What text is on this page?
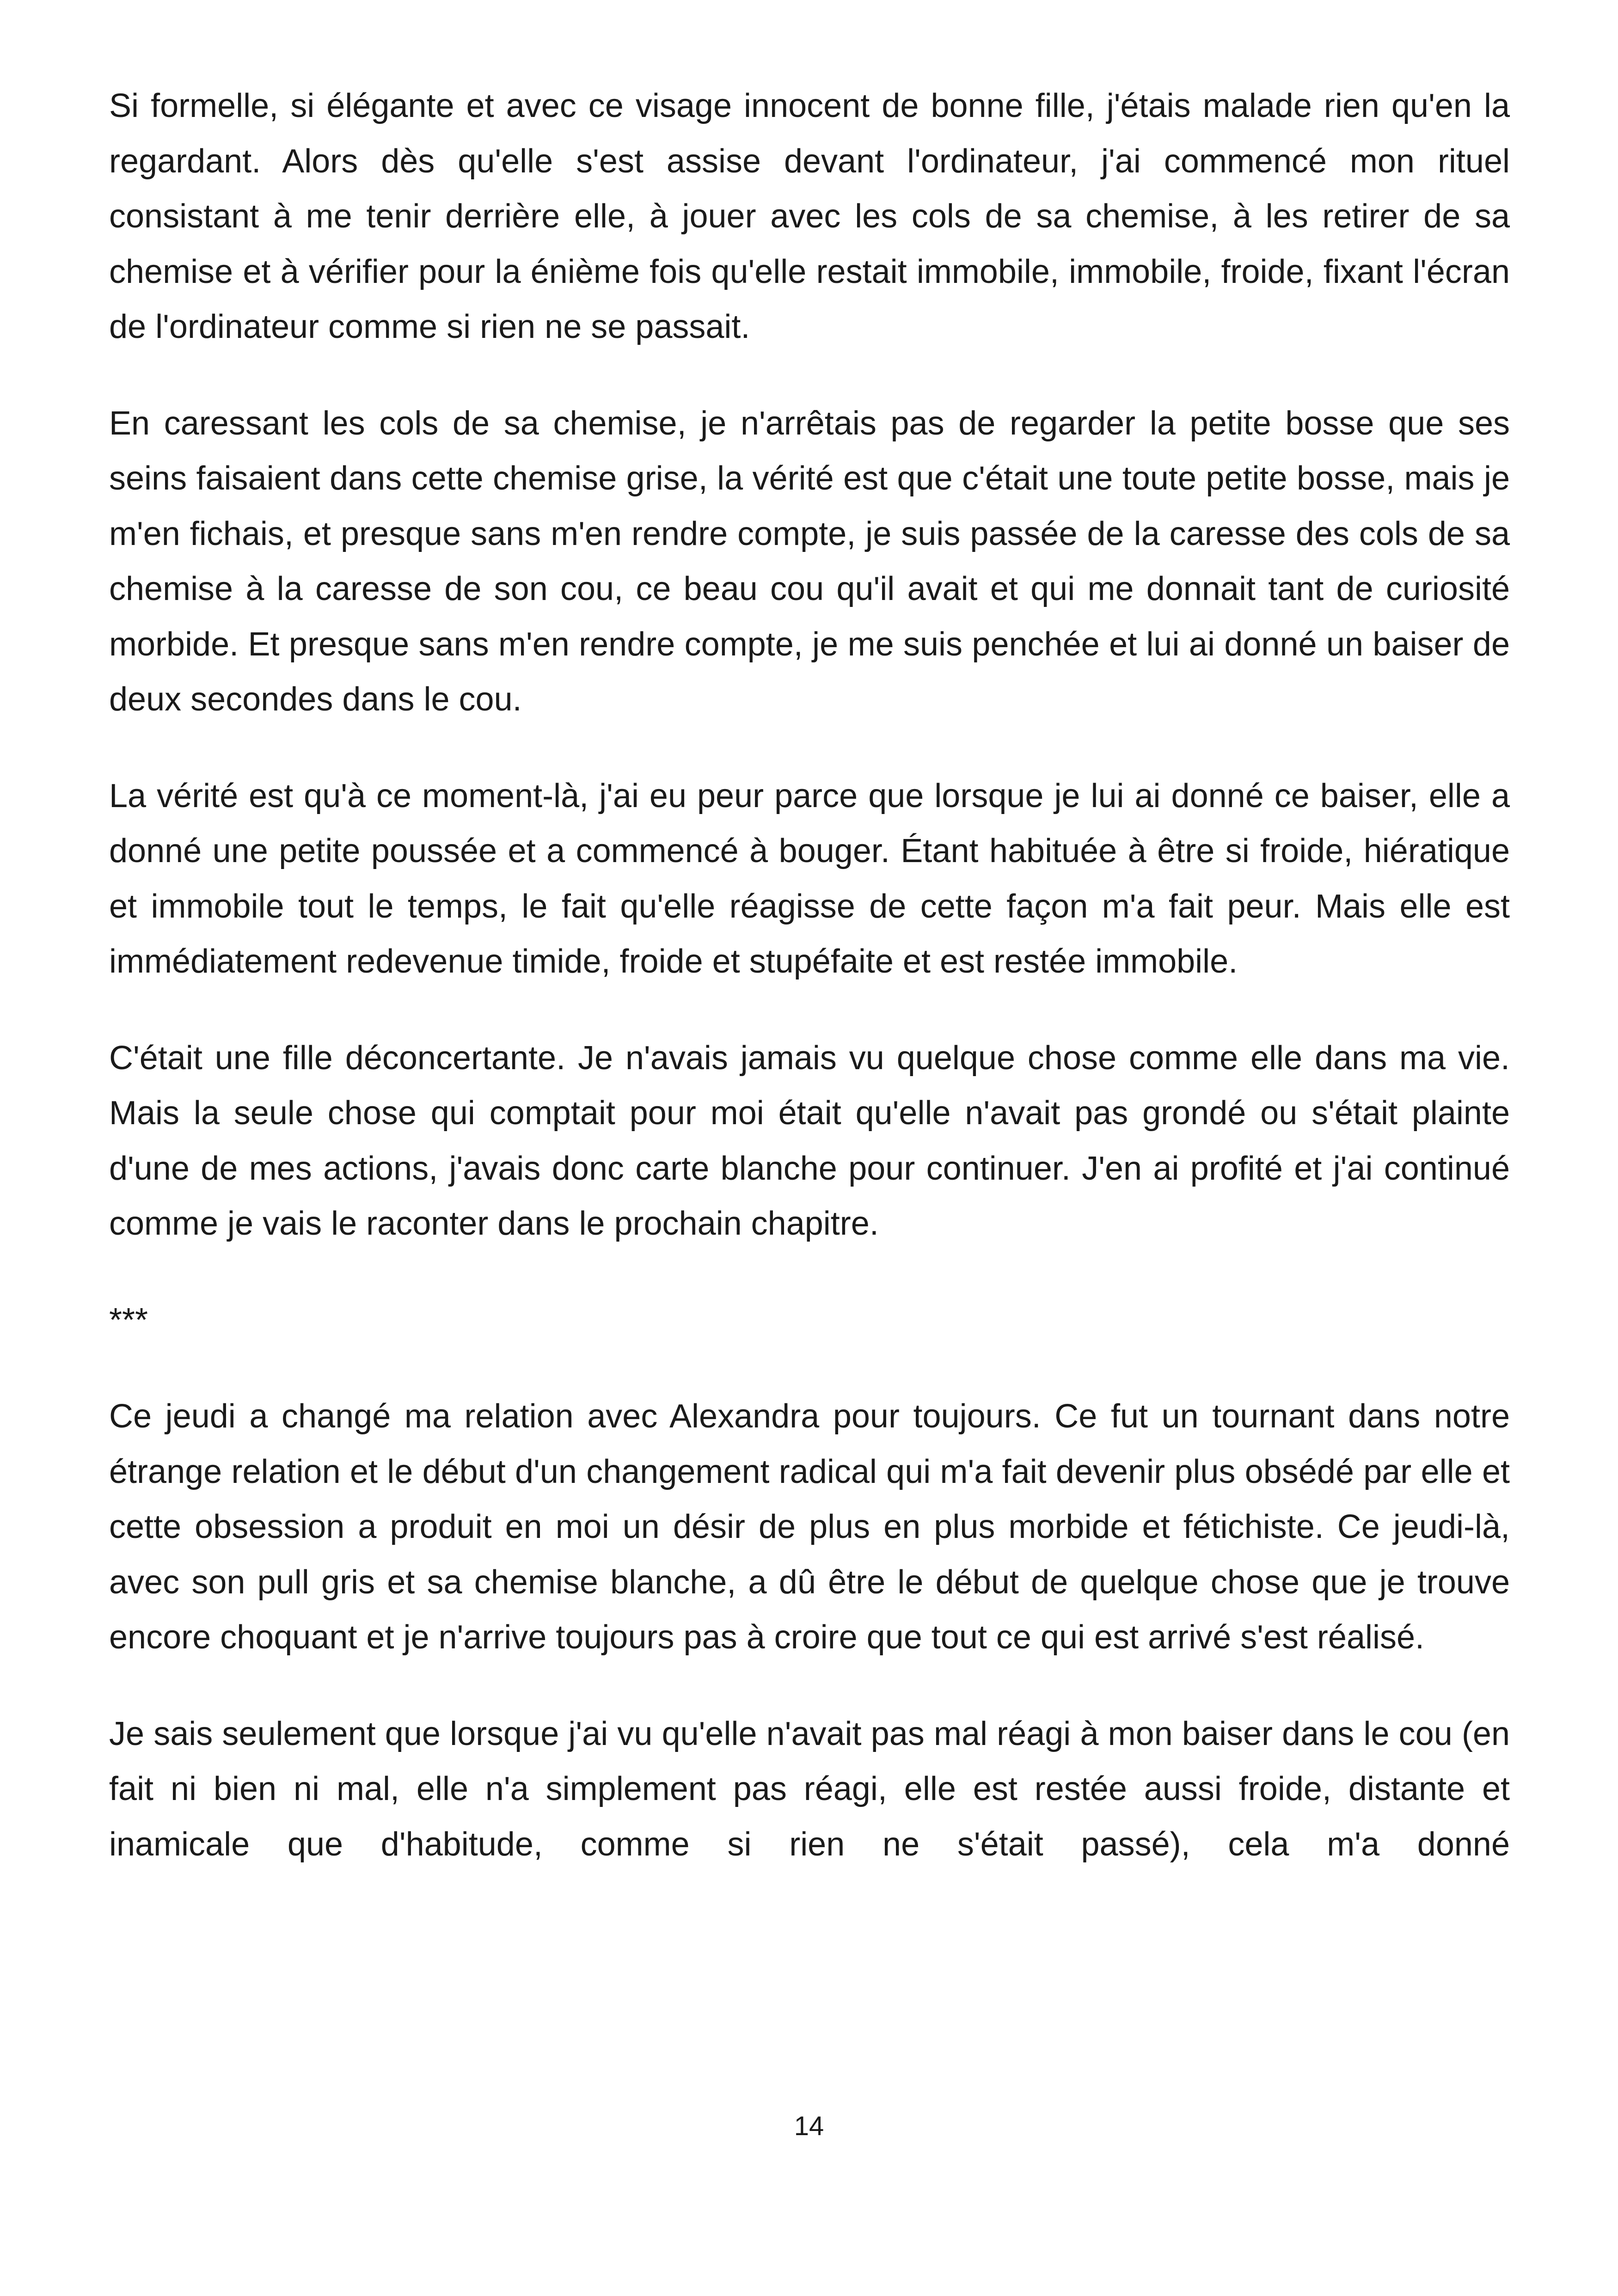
Si formelle, si élégante et avec ce visage innocent de bonne fille, j'étais malade rien qu'en la regardant. Alors dès qu'elle s'est assise devant l'ordinateur, j'ai commencé mon rituel consistant à me tenir derrière elle, à jouer avec les cols de sa chemise, à les retirer de sa chemise et à vérifier pour la énième fois qu'elle restait immobile, immobile, froide, fixant l'écran de l'ordinateur comme si rien ne se passait.

En caressant les cols de sa chemise, je n'arrêtais pas de regarder la petite bosse que ses seins faisaient dans cette chemise grise, la vérité est que c'était une toute petite bosse, mais je m'en fichais, et presque sans m'en rendre compte, je suis passée de la caresse des cols de sa chemise à la caresse de son cou, ce beau cou qu'il avait et qui me donnait tant de curiosité morbide. Et presque sans m'en rendre compte, je me suis penchée et lui ai donné un baiser de deux secondes dans le cou.

La vérité est qu'à ce moment-là, j'ai eu peur parce que lorsque je lui ai donné ce baiser, elle a donné une petite poussée et a commencé à bouger. Étant habituée à être si froide, hiératique et immobile tout le temps, le fait qu'elle réagisse de cette façon m'a fait peur. Mais elle est immédiatement redevenue timide, froide et stupéfaite et est restée immobile.

C'était une fille déconcertante. Je n'avais jamais vu quelque chose comme elle dans ma vie. Mais la seule chose qui comptait pour moi était qu'elle n'avait pas grondé ou s'était plainte d'une de mes actions, j'avais donc carte blanche pour continuer. J'en ai profité et j'ai continué comme je vais le raconter dans le prochain chapitre.

***

Ce jeudi a changé ma relation avec Alexandra pour toujours. Ce fut un tournant dans notre étrange relation et le début d'un changement radical qui m'a fait devenir plus obsédé par elle et cette obsession a produit en moi un désir de plus en plus morbide et fétichiste. Ce jeudi-là, avec son pull gris et sa chemise blanche, a dû être le début de quelque chose que je trouve encore choquant et je n'arrive toujours pas à croire que tout ce qui est arrivé s'est réalisé.

Je sais seulement que lorsque j'ai vu qu'elle n'avait pas mal réagi à mon baiser dans le cou (en fait ni bien ni mal, elle n'a simplement pas réagi, elle est restée aussi froide, distante et inamicale que d'habitude, comme si rien ne s'était passé), cela m'a donné

14
